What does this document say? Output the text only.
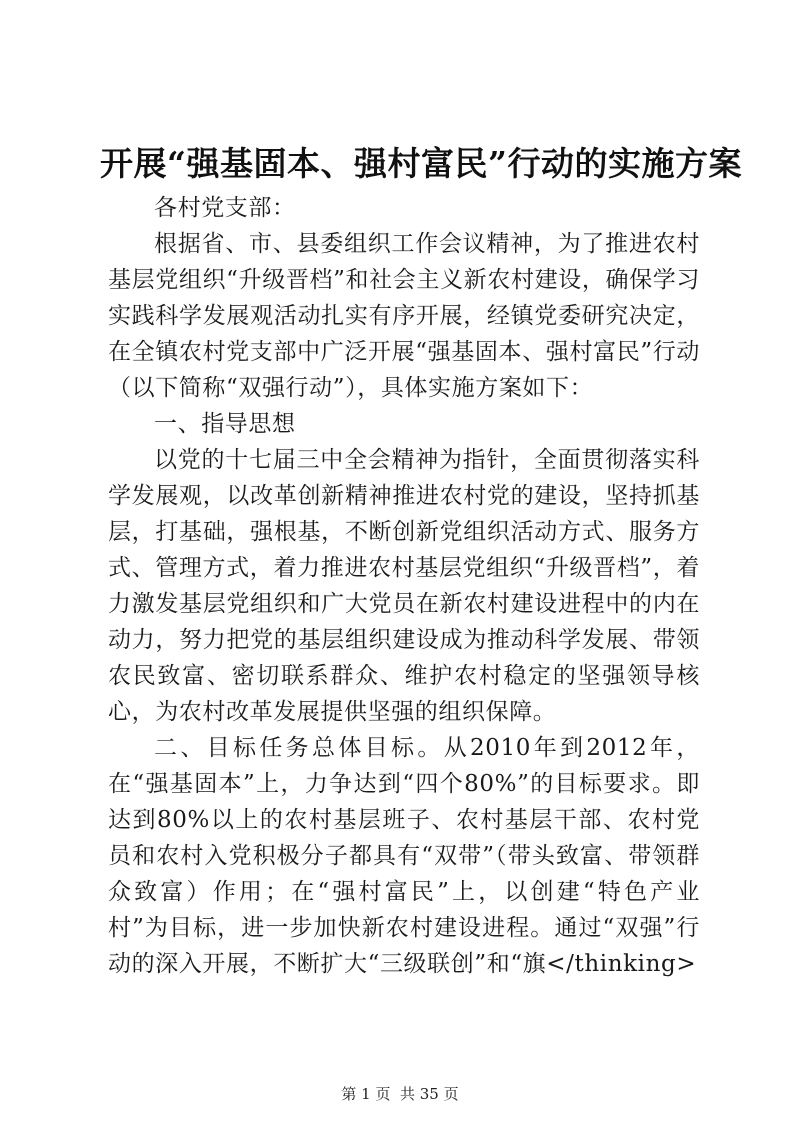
开展“强基固本、强村富民”行动的实施方案

各村党支部：

根据省、市、县委组织工作会议精神，为了推进农村基层党组织“升级晋档”和社会主义新农村建设，确保学习实践科学发展观活动扎实有序开展，经镇党委研究决定，在全镇农村党支部中广泛开展“强基固本、强村富民”行动（以下简称“双强行动”），具体实施方案如下：

一、指导思想

以党的十七届三中全会精神为指针，全面贯彻落实科学发展观，以改革创新精神推进农村党的建设，坚持抓基层，打基础，强根基，不断创新党组织活动方式、服务方式、管理方式，着力推进农村基层党组织“升级晋档”，着力激发基层党组织和广大党员在新农村建设进程中的内在动力，努力把党的基层组织建设成为推动科学发展、带领农民致富、密切联系群众、维护农村稳定的坚强领导核心，为农村改革发展提供坚强的组织保障。

二、目标任务总体目标。从2010年到2012年，在“强基固本”上，力争达到“四个80%”的目标要求。即达到80%以上的农村基层班子、农村基层干部、农村党员和农村入党积极分子都具有“双带”（带头致富、带领群众致富）作用；在“强村富民”上，以创建“特色产业村”为目标，进一步加快新农村建设进程。通过“双强”行动的深入开展，不断扩大“三级联创”和“旗</thinking>

第 1 页  共 35 页
